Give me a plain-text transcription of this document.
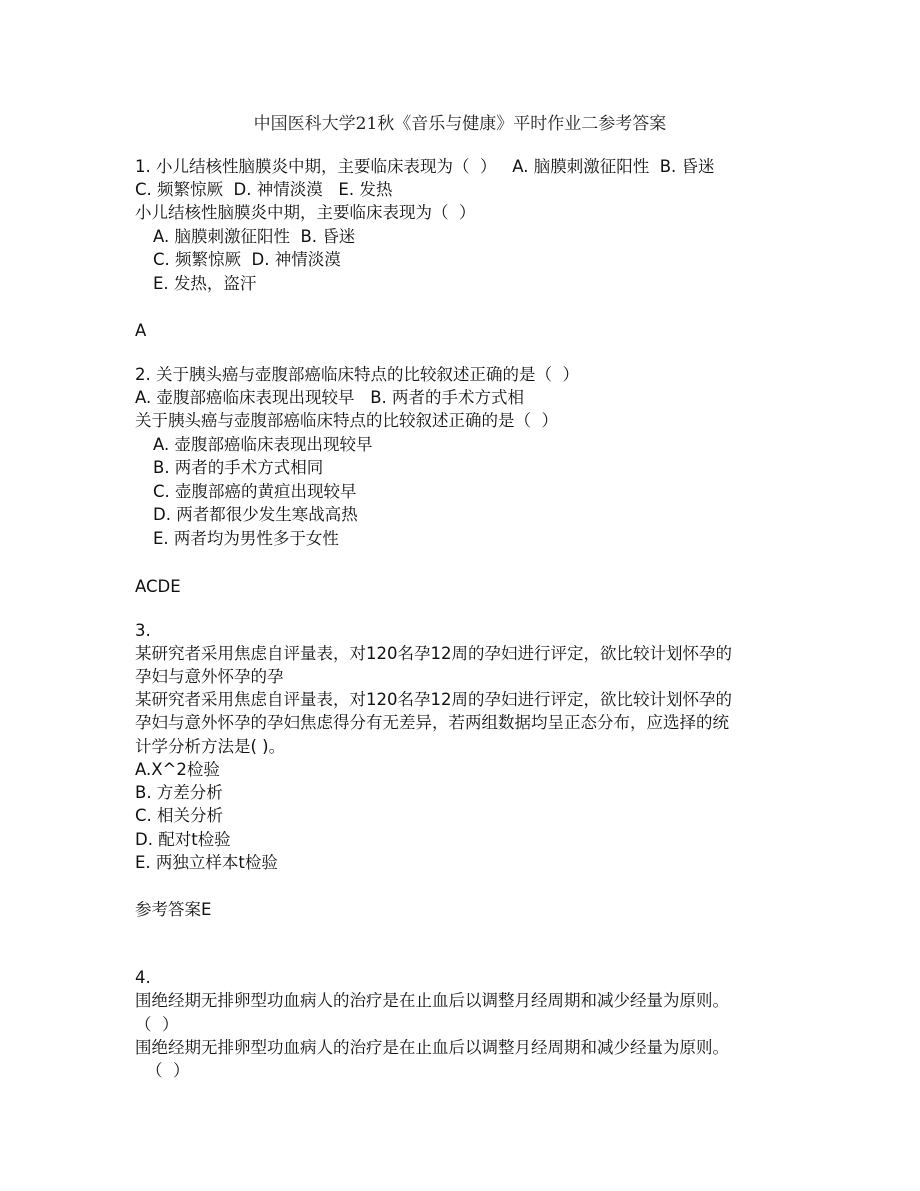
中国医科大学21秋《音乐与健康》平时作业二参考答案
1. 小儿结核性脑膜炎中期，主要临床表现为（  ）   A. 脑膜刺激征阳性  B. 昏迷
C. 频繁惊厥  D. 神情淡漠   E. 发热
小儿结核性脑膜炎中期，主要临床表现为（  ）
A. 脑膜刺激征阳性  B. 昏迷
C. 频繁惊厥  D. 神情淡漠
E. 发热，盗汗
A
2. 关于胰头癌与壶腹部癌临床特点的比较叙述正确的是（  ）
A. 壶腹部癌临床表现出现较早   B. 两者的手术方式相
关于胰头癌与壶腹部癌临床特点的比较叙述正确的是（  ）
A. 壶腹部癌临床表现出现较早
B. 两者的手术方式相同
C. 壶腹部癌的黄疸出现较早
D. 两者都很少发生寒战高热
E. 两者均为男性多于女性
ACDE
3.
某研究者采用焦虑自评量表，对120名孕12周的孕妇进行评定，欲比较计划怀孕的
孕妇与意外怀孕的孕
某研究者采用焦虑自评量表，对120名孕12周的孕妇进行评定，欲比较计划怀孕的
孕妇与意外怀孕的孕妇焦虑得分有无差异，若两组数据均呈正态分布，应选择的统
计学分析方法是( )。
A.X^2检验
B. 方差分析
C. 相关分析
D. 配对t检验
E. 两独立样本t检验
参考答案E
4.
围绝经期无排卵型功血病人的治疗是在止血后以调整月经周期和减少经量为原则。
（  ）
围绝经期无排卵型功血病人的治疗是在止血后以调整月经周期和减少经量为原则。
（  ）
